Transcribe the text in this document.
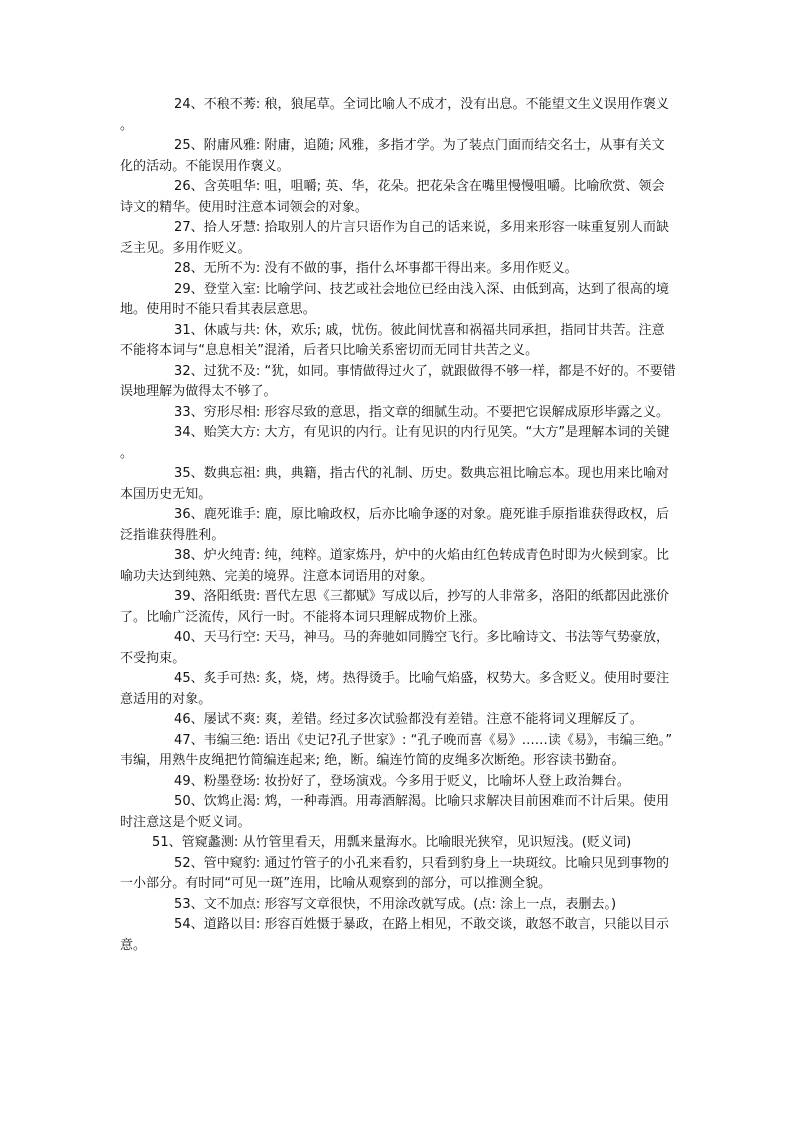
24、不稂不莠: 稂，狼尾草。全词比喻人不成才，没有出息。不能望文生义误用作褒义。

25、附庸风雅: 附庸，追随; 风雅，多指才学。为了装点门面而结交名士，从事有关文化的活动。不能误用作褒义。

26、含英咀华: 咀，咀嚼; 英、华，花朵。把花朵含在嘴里慢慢咀嚼。比喻欣赏、领会诗文的精华。使用时注意本词领会的对象。

27、拾人牙慧: 拾取别人的片言只语作为自己的话来说，多用来形容一味重复别人而缺乏主见。多用作贬义。

28、无所不为: 没有不做的事，指什么坏事都干得出来。多用作贬义。

29、登堂入室: 比喻学问、技艺或社会地位已经由浅入深、由低到高，达到了很高的境地。使用时不能只看其表层意思。

31、休戚与共: 休，欢乐; 戚，忧伤。彼此间忧喜和祸福共同承担，指同甘共苦。注意不能将本词与“息息相关”混淆，后者只比喻关系密切而无同甘共苦之义。

32、过犹不及: “犹，如同。事情做得过火了，就跟做得不够一样，都是不好的。不要错误地理解为做得太不够了。

33、穷形尽相: 形容尽致的意思，指文章的细腻生动。不要把它误解成原形毕露之义。

34、贻笑大方: 大方，有见识的内行。让有见识的内行见笑。“大方”是理解本词的关键。

35、数典忘祖: 典，典籍，指古代的礼制、历史。数典忘祖比喻忘本。现也用来比喻对本国历史无知。

36、鹿死谁手: 鹿，原比喻政权，后亦比喻争逐的对象。鹿死谁手原指谁获得政权，后泛指谁获得胜利。

38、炉火纯青: 纯，纯粹。道家炼丹，炉中的火焰由红色转成青色时即为火候到家。比喻功夫达到纯熟、完美的境界。注意本词语用的对象。

39、洛阳纸贵: 晋代左思《三都赋》写成以后，抄写的人非常多，洛阳的纸都因此涨价了。比喻广泛流传，风行一时。不能将本词只理解成物价上涨。

40、天马行空: 天马，神马。马的奔驰如同腾空飞行。多比喻诗文、书法等气势豪放，不受拘束。

45、炙手可热: 炙，烧，烤。热得烫手。比喻气焰盛，权势大。多含贬义。使用时要注意适用的对象。

46、屡试不爽: 爽，差错。经过多次试验都没有差错。注意不能将词义理解反了。

47、韦编三绝: 语出《史记?孔子世家》: “孔子晚而喜《易》……读《易》，韦编三绝。”韦编，用熟牛皮绳把竹简编连起来; 绝，断。编连竹简的皮绳多次断绝。形容读书勤奋。

49、粉墨登场: 妆扮好了，登场演戏。今多用于贬义，比喻坏人登上政治舞台。

50、饮鸩止渴: 鸩，一种毒酒。用毒酒解渴。比喻只求解决目前困难而不计后果。使用时注意这是个贬义词。

51、管窥蠡测: 从竹管里看天，用瓢来量海水。比喻眼光狭窄，见识短浅。(贬义词)

52、管中窥豹: 通过竹管子的小孔来看豹，只看到豹身上一块斑纹。比喻只见到事物的一小部分。有时同“可见一斑”连用，比喻从观察到的部分，可以推测全貌。

53、文不加点: 形容写文章很快，不用涂改就写成。(点: 涂上一点，表删去。)

54、道路以目: 形容百姓慑于暴政，在路上相见，不敢交谈，敢怒不敢言，只能以目示意。
